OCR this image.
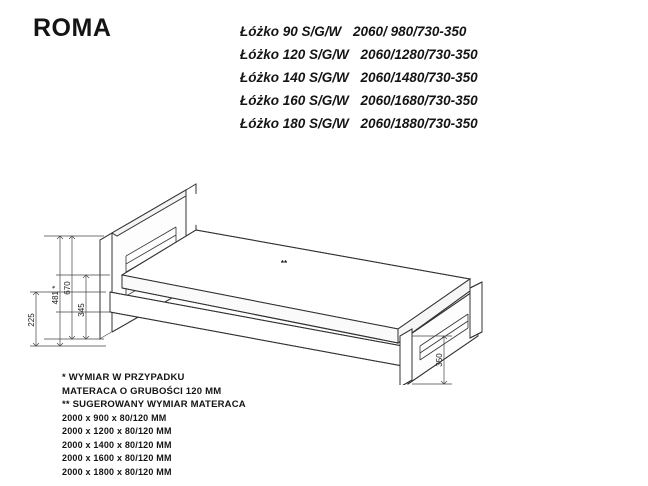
ROMA	Łóżko 90 S/G/W 2060/ 980/730-350
Łóżko 120 S/G/W 2060/1280/730-350
Łóżko 140 S/G/W 2060/1480/730-350
Łóżko 160 S/G/W 2060/1680/730-350
Łóżko 180 S/G/W 2060/1880/730-350
670
481 *
345
225
350
**
* WYMIAR W PRZYPADKU
MATERACA O GRUBOŚCI 120 MM
** SUGEROWANY WYMIAR MATERACA
2000 x 900 x 80/120 MM
2000 x 1200 x 80/120 MM
2000 x 1400 x 80/120 MM
2000 x 1600 x 80/120 MM
2000 x 1800 x 80/120 MM
